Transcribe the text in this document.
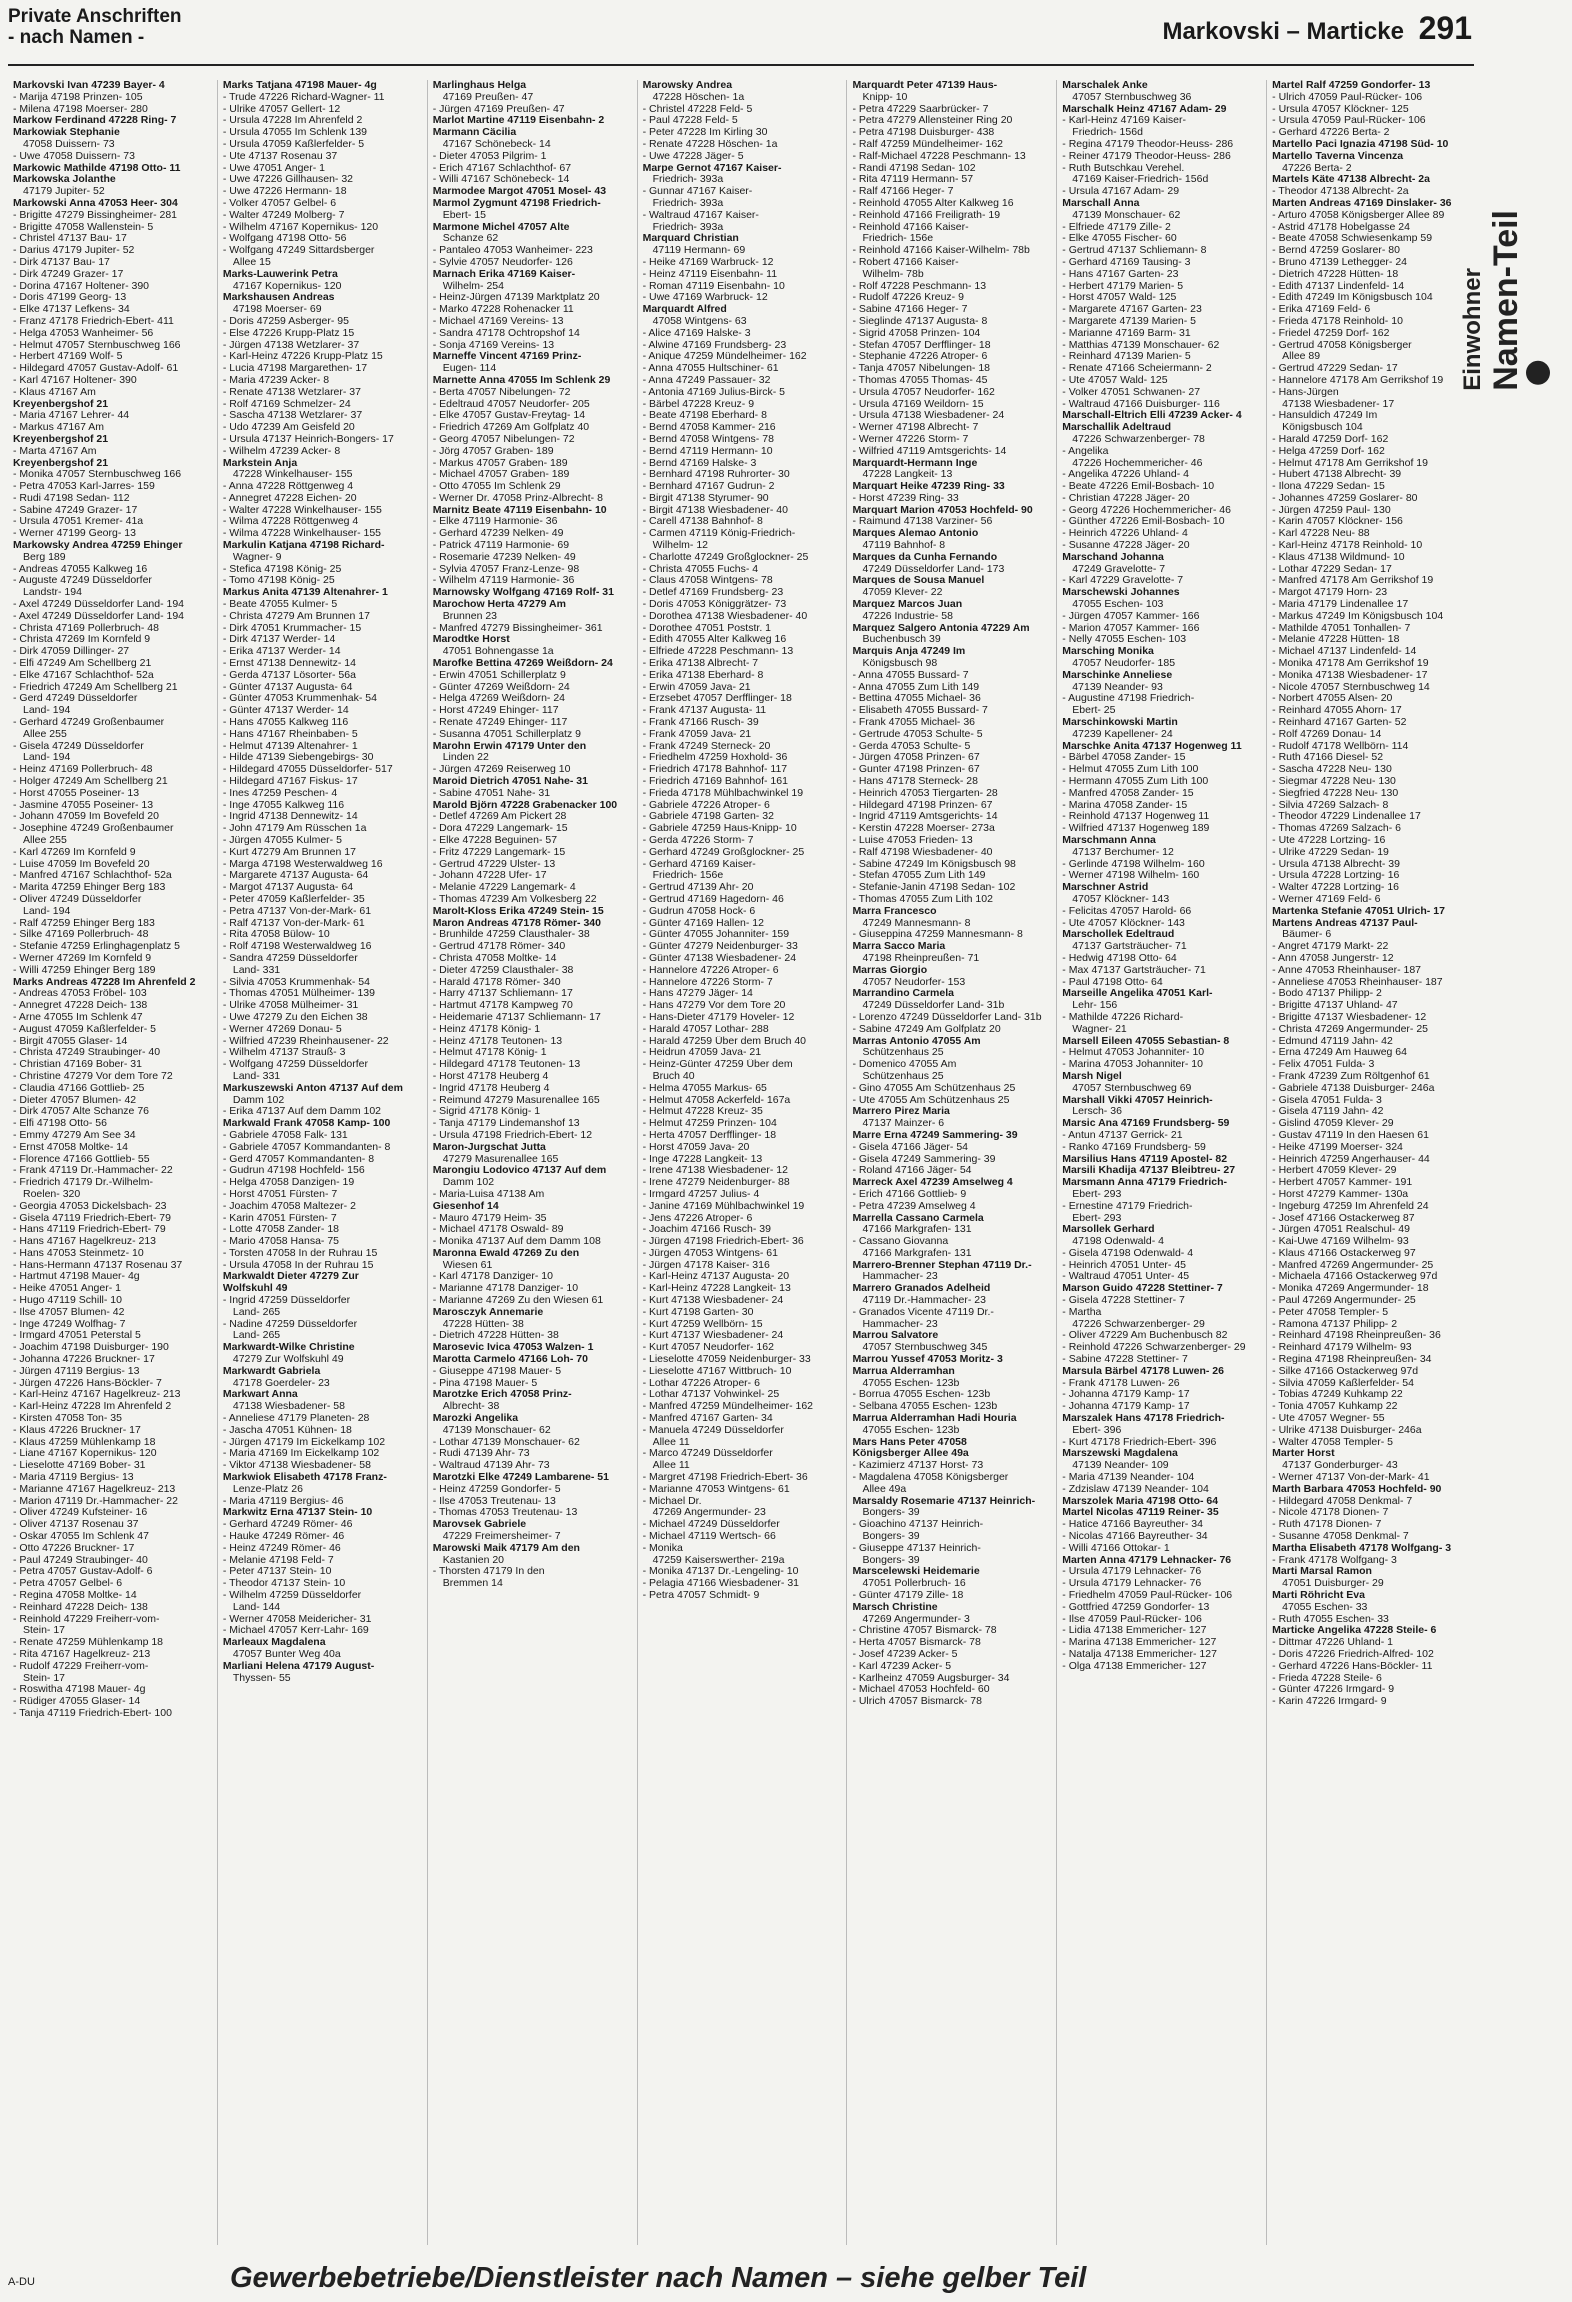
Private Anschriften
- nach Namen -	Markovski – Marticke 291
Einwohner Namen-Teil
Markovski Ivan 47239 Bayer- 4
- Marija 47198 Prinzen- 105
- Milena 47198 Moerser- 280
Markow Ferdinand 47228 Ring- 7
Markowiak Stephanie
47058 Duissern- 73
- Uwe 47058 Duissern- 73
Markowic Mathilde 47198 Otto- 11
Markowska Jolanthe
47179 Jupiter- 52
Markowski Anna 47053 Heer- 304
- Brigitte 47279 Bissingheimer- 281
- Brigitte 47058 Wallenstein- 5
- Christel 47137 Bau- 17
- Darius 47179 Jupiter- 52
- Dirk 47137 Bau- 17
- Dirk 47249 Grazer- 17
- Dorina 47167 Holtener- 390
- Doris 47199 Georg- 13
- Elke 47137 Lefkens- 34
- Franz 47178 Friedrich-Ebert- 411
- Helga 47053 Wanheimer- 56
- Helmut 47057 Sternbuschweg 166
- Herbert 47169 Wolf- 5
- Hildegard 47057 Gustav-Adolf- 61
- Karl 47167 Holtener- 390
- Klaus 47167 Am
Kreyenbergshof 21
- Maria 47167 Lehrer- 44
- Markus 47167 Am
Kreyenbergshof 21
- Marta 47167 Am
Kreyenbergshof 21
- Monika 47057 Sternbuschweg 166
- Petra 47053 Karl-Jarres- 159
- Rudi 47198 Sedan- 112
- Sabine 47249 Grazer- 17
- Ursula 47051 Kremer- 41a
- Werner 47199 Georg- 13
Markowsky Andrea 47259 Ehinger
Berg 189
- Andreas 47055 Kalkweg 16
- Auguste 47249 Düsseldorfer
Landstr- 194
- Axel 47249 Düsseldorfer Land- 194
- Axel 47249 Düsseldorfer Land- 194
- Christa 47169 Pollerbruch- 48
- Christa 47269 Im Kornfeld 9
- Dirk 47059 Dillinger- 27
- Elfi 47249 Am Schellberg 21
- Elke 47167 Schlachthof- 52a
- Friedrich 47249 Am Schellberg 21
- Gerd 47249 Düsseldorfer
Land- 194
- Gerhard 47249 Großenbaumer
Allee 255
- Gisela 47249 Düsseldorfer
Land- 194
- Heinz 47169 Pollerbruch- 48
- Holger 47249 Am Schellberg 21
- Horst 47055 Poseiner- 13
- Jasmine 47055 Poseiner- 13
- Johann 47059 Im Bovefeld 20
- Josephine 47249 Großenbaumer
Allee 255
- Karl 47269 Im Kornfeld 9
- Luise 47059 Im Bovefeld 20
- Manfred 47167 Schlachthof- 52a
- Marita 47259 Ehinger Berg 183
- Oliver 47249 Düsseldorfer
Land- 194
- Ralf 47259 Ehinger Berg 183
- Silke 47169 Pollerbruch- 48
- Stefanie 47259 Erlinghagenplatz 5
- Werner 47269 Im Kornfeld 9
- Willi 47259 Ehinger Berg 189
Marks Andreas 47228 Im Ahrenfeld 2
- Andreas 47053 Fröbel- 103
- Annegret 47228 Deich- 138
- Arne 47055 Im Schlenk 47
- August 47059 Kaßlerfelder- 5
- Birgit 47055 Glaser- 14
- Christa 47249 Straubinger- 40
- Christian 47169 Bober- 31
- Christine 47279 Vor dem Tore 72
- Claudia 47166 Gottlieb- 25
- Dieter 47057 Blumen- 42
- Dirk 47057 Alte Schanze 76
- Elfi 47198 Otto- 56
- Emmy 47279 Am See 34
- Ernst 47058 Moltke- 14
- Florence 47166 Gottlieb- 55
- Frank 47119 Dr.-Hammacher- 22
- Friedrich 47179 Dr.-Wilhelm-
Roelen- 320
- Georgia 47053 Dickelsbach- 23
- Gisela 47119 Friedrich-Ebert- 79
- Hans 47119 Friedrich-Ebert- 79
- Hans 47167 Hagelkreuz- 213
- Hans 47053 Steinmetz- 10
- Hans-Hermann 47137 Rosenau 37
- Hartmut 47198 Mauer- 4g
- Heike 47051 Anger- 1
- Hugo 47119 Schill- 10
- Ilse 47057 Blumen- 42
- Inge 47249 Wolfhag- 7
- Irmgard 47051 Peterstal 5
- Joachim 47198 Duisburger- 190
- Johanna 47226 Bruckner- 17
- Jürgen 47119 Bergius- 13
- Jürgen 47226 Hans-Böckler- 7
- Karl-Heinz 47167 Hagelkreuz- 213
- Karl-Heinz 47228 Im Ahrenfeld 2
- Kirsten 47058 Ton- 35
- Klaus 47226 Bruckner- 17
- Klaus 47259 Mühlenkamp 18
- Liane 47167 Kopernikus- 120
- Lieselotte 47169 Bober- 31
- Maria 47119 Bergius- 13
- Marianne 47167 Hagelkreuz- 213
- Marion 47119 Dr.-Hammacher- 22
- Oliver 47249 Kufsteiner- 16
- Oliver 47137 Rosenau 37
- Oskar 47055 Im Schlenk 47
- Otto 47226 Bruckner- 17
- Paul 47249 Straubinger- 40
- Petra 47057 Gustav-Adolf- 6
- Petra 47057 Gelbel- 6
- Regina 47058 Moltke- 14
- Reinhard 47228 Deich- 138
- Reinhold 47229 Freiherr-vom-
Stein- 17
- Renate 47259 Mühlenkamp 18
- Rita 47167 Hagelkreuz- 213
- Rudolf 47229 Freiherr-vom-
Stein- 17
- Roswitha 47198 Mauer- 4g
- Rüdiger 47055 Glaser- 14
- Tanja 47119 Friedrich-Ebert- 100
Marks Tatjana 47198 Mauer- 4g
- Trude 47226 Richard-Wagner- 11
- Ulrike 47057 Gellert- 12
- Ursula 47228 Im Ahrenfeld 2
- Ursula 47055 Im Schlenk 139
- Ursula 47059 Kaßlerfelder- 5
- Ute 47137 Rosenau 37
- Uwe 47051 Anger- 1
- Uwe 47226 Gillhausen- 32
- Uwe 47226 Hermann- 18
- Volker 47057 Gelbel- 6
- Walter 47249 Molberg- 7
- Wilhelm 47167 Kopernikus- 120
- Wolfgang 47198 Otto- 56
- Wolfgang 47249 Sittardsberger
Allee 15
Marks-Lauwerink Petra
47167 Kopernikus- 120
Markshausen Andreas
47198 Moerser- 69
- Doris 47259 Asberger- 95
- Else 47226 Krupp-Platz 15
- Jürgen 47138 Wetzlarer- 37
- Karl-Heinz 47226 Krupp-Platz 15
- Lucia 47198 Margarethen- 17
- Maria 47239 Acker- 8
- Renate 47138 Wetzlarer- 37
- Rolf 47169 Schmelzer- 24
- Sascha 47138 Wetzlarer- 37
- Udo 47239 Am Geisfeld 20
- Ursula 47137 Heinrich-Bongers- 17
- Wilhelm 47239 Acker- 8
Markstein Anja
47228 Winkelhauser- 155
- Anna 47228 Röttgenweg 4
- Annegret 47228 Eichen- 20
- Walter 47228 Winkelhauser- 155
- Wilma 47228 Röttgenweg 4
- Wilma 47228 Winkelhauser- 155
Markulin Katjana 47198 Richard-
Wagner- 9
- Stefica 47198 König- 25
- Tomo 47198 König- 25
Markus Anita 47139 Altenahrer- 1
- Beate 47055 Kulmer- 5
- Christa 47279 Am Brunnen 17
- Dirk 47051 Krummacher- 15
- Dirk 47137 Werder- 14
- Erika 47137 Werder- 14
- Ernst 47138 Dennewitz- 14
- Gerda 47137 Lösorter- 56a
- Günter 47137 Augusta- 64
- Günter 47053 Krummenhak- 54
- Günter 47137 Werder- 14
- Hans 47055 Kalkweg 116
- Hans 47167 Rheinbaben- 5
- Helmut 47139 Altenahrer- 1
- Hilde 47139 Siebengebirgs- 30
- Hildegard 47055 Düsseldorfer- 517
- Hildegard 47167 Fiskus- 17
- Ines 47259 Peschen- 4
- Inge 47055 Kalkweg 116
- Ingrid 47138 Dennewitz- 14
- John 47179 Am Rüsschen 1a
- Jürgen 47055 Kulmer- 5
- Kurt 47279 Am Brunnen 17
- Marga 47198 Westerwaldweg 16
- Margarete 47137 Augusta- 64
- Margot 47137 Augusta- 64
- Peter 47059 Kaßlerfelder- 35
- Petra 47137 Von-der-Mark- 61
- Ralf 47137 Von-der-Mark- 61
- Rita 47058 Bülow- 10
- Rolf 47198 Westerwaldweg 16
- Sandra 47259 Düsseldorfer
Land- 331
- Silvia 47053 Krummenhak- 54
- Thomas 47051 Mülheimer- 139
- Ulrike 47058 Mülheimer- 31
- Uwe 47279 Zu den Eichen 38
- Werner 47269 Donau- 5
- Wilfried 47239 Rheinhausener- 22
- Wilhelm 47137 Strauß- 3
- Wolfgang 47259 Düsseldorfer
Land- 331
Markuszewski Anton 47137 Auf dem
Damm 102
- Erika 47137 Auf dem Damm 102
Markwald Frank 47058 Kamp- 100
- Gabriele 47058 Falk- 131
- Gabriele 47057 Kommandanten- 8
- Gerd 47057 Kommandanten- 8
- Gudrun 47198 Hochfeld- 156
- Helga 47058 Danzigen- 19
- Horst 47051 Fürsten- 7
- Joachim 47058 Maltezer- 2
- Karin 47051 Fürsten- 7
- Lotte 47058 Zander- 18
- Mario 47058 Hansa- 75
- Torsten 47058 In der Ruhrau 15
- Ursula 47058 In der Ruhrau 15
Markwaldt Dieter 47279 Zur
Wolfskuhl 49
- Ingrid 47259 Düsseldorfer
Land- 265
- Nadine 47259 Düsseldorfer
Land- 265
Markwardt-Wilke Christine
47279 Zur Wolfskuhl 49
Markwardt Gabriela
47178 Goerdeler- 23
Markwart Anna
47138 Wiesbadener- 58
- Anneliese 47179 Planeten- 28
- Jascha 47051 Kühnen- 18
- Jürgen 47179 Im Eickelkamp 102
- Maria 47169 Im Eickelkamp 102
- Viktor 47138 Wiesbadener- 58
Markwiok Elisabeth 47178 Franz-
Lenze-Platz 26
- Maria 47119 Bergius- 46
Markwitz Erna 47137 Stein- 10
- Gerhard 47249 Römer- 46
- Hauke 47249 Römer- 46
- Heinz 47249 Römer- 46
- Melanie 47198 Feld- 7
- Peter 47137 Stein- 10
- Theodor 47137 Stein- 10
- Wilhelm 47259 Düsseldorfer
Land- 144
- Werner 47058 Meidericher- 31
- Michael 47057 Kerr-Lahr- 169
Marleaux Magdalena
47057 Bunter Weg 40a
Marliani Helena 47179 August-
Thyssen- 55
Marlinghaus Helga
47169 Preußen- 47
- Jürgen 47169 Preußen- 47
Marlot Martine 47119 Eisenbahn- 2
Marmann Cäcilia
47167 Schönebeck- 14
- Dieter 47053 Pilgrim- 1
- Erich 47167 Schlachthof- 67
- Willi 47167 Schönebeck- 14
Marmodee Margot 47051 Mosel- 43
Marmol Zygmunt 47198 Friedrich-
Ebert- 15
Marmone Michel 47057 Alte
Schanze 62
- Pantaleo 47053 Wanheimer- 223
- Sylvie 47057 Neudorfer- 126
Marnach Erika 47169 Kaiser-
Wilhelm- 254
- Heinz-Jürgen 47139 Marktplatz 20
- Marko 47228 Rohenacker 11
- Michael 47169 Vereins- 13
- Sandra 47178 Ochtropshof 14
- Sonja 47169 Vereins- 13
Marneffe Vincent 47169 Prinz-
Eugen- 114
Marnette Anna 47055 Im Schlenk 29
- Berta 47057 Nibelungen- 72
- Edeltraud 47057 Neudorfer- 205
- Elke 47057 Gustav-Freytag- 14
- Friedrich 47269 Am Golfplatz 40
- Georg 47057 Nibelungen- 72
- Jörg 47057 Graben- 189
- Markus 47057 Graben- 189
- Michael 47057 Graben- 189
- Otto 47055 Im Schlenk 29
- Werner Dr. 47058 Prinz-Albrecht- 8
Marnitz Beate 47119 Eisenbahn- 10
- Elke 47119 Harmonie- 36
- Gerhard 47239 Nelken- 49
- Patrick 47119 Harmonie- 69
- Rosemarie 47239 Nelken- 49
- Sylvia 47057 Franz-Lenze- 98
- Wilhelm 47119 Harmonie- 36
Marnowsky Wolfgang 47169 Rolf- 31
Marochow Herta 47279 Am
Brunnen 23
- Manfred 47279 Bissingheimer- 361
Marodtke Horst
47051 Bohnengasse 1a
Marofke Bettina 47269 Weißdorn- 24
- Erwin 47051 Schillerplatz 9
- Günter 47269 Weißdorn- 24
- Helga 47269 Weißdorn- 24
- Horst 47249 Ehinger- 117
- Renate 47249 Ehinger- 117
- Susanna 47051 Schillerplatz 9
Marohn Erwin 47179 Unter den
Linden 22
- Jürgen 47269 Reiserweg 10
Maroid Dietrich 47051 Nahe- 31
- Sabine 47051 Nahe- 31
Marold Björn 47228 Grabenacker 100
- Detlef 47269 Am Pickert 28
- Dora 47229 Langemark- 15
- Elke 47228 Beguinen- 57
- Fritz 47229 Langemark- 15
- Gertrud 47229 Ulster- 13
- Johann 47228 Ufer- 17
- Melanie 47229 Langemark- 4
- Thomas 47239 Am Volkesberg 22
Marolt-Kloss Erika 47249 Stein- 15
Maron Andreas 47178 Römer- 340
- Brunhilde 47259 Clausthaler- 38
- Gertrud 47178 Römer- 340
- Christa 47058 Moltke- 14
- Dieter 47259 Clausthaler- 38
- Harald 47178 Römer- 340
- Harry 47137 Schliemann- 17
- Hartmut 47178 Kampweg 70
- Heidemarie 47137 Schliemann- 17
- Heinz 47178 König- 1
- Heinz 47178 Teutonen- 13
- Helmut 47178 König- 1
- Hildegard 47178 Teutonen- 13
- Horst 47178 Heuberg 4
- Ingrid 47178 Heuberg 4
- Reimund 47279 Masurenallee 165
- Sigrid 47178 König- 1
- Tanja 47179 Lindemanshof 13
- Ursula 47198 Friedrich-Ebert- 12
Maron-Jurgschat Jutta
47279 Masurenallee 165
Marongiu Lodovico 47137 Auf dem
Damm 102
- Maria-Luisa 47138 Am
Giesenhof 14
- Mauro 47179 Heim- 35
- Michael 47178 Oswald- 89
- Monika 47137 Auf dem Damm 108
Maronna Ewald 47269 Zu den
Wiesen 61
- Karl 47178 Danziger- 10
- Marianne 47178 Danziger- 10
- Marianne 47269 Zu den Wiesen 61
Marosczyk Annemarie
47228 Hütten- 38
- Dietrich 47228 Hütten- 38
Marosevic Ivica 47053 Walzen- 1
Marotta Carmelo 47166 Loh- 70
- Giuseppe 47198 Mauer- 5
- Pina 47198 Mauer- 5
Marotzke Erich 47058 Prinz-
Albrecht- 38
Marozki Angelika
47139 Monschauer- 62
- Lothar 47139 Monschauer- 62
- Rudi 47139 Ahr- 73
- Waltraud 47139 Ahr- 73
Marotzki Elke 47249 Lambarene- 51
- Heinz 47259 Gondorfer- 5
- Ilse 47053 Treutenau- 13
- Thomas 47053 Treutenau- 13
Marovsek Gabriele
47229 Freimersheimer- 7
Marowski Maik 47179 Am den
Kastanien 20
- Thorsten 47179 In den
Bremmen 14
Marowsky Andrea
47228 Höschen- 1a
- Christel 47228 Feld- 5
- Paul 47228 Feld- 5
- Peter 47228 Im Kirling 30
- Renate 47228 Höschen- 1a
- Uwe 47228 Jäger- 5
Marpe Gernot 47167 Kaiser-
Friedrich- 393a
- Gunnar 47167 Kaiser-
Friedrich- 393a
- Waltraud 47167 Kaiser-
Friedrich- 393a
Marquard Christian
47119 Hermann- 69
- Heike 47169 Warbruck- 12
- Heinz 47119 Eisenbahn- 11
- Roman 47119 Eisenbahn- 10
- Uwe 47169 Warbruck- 12
Marquardt Alfred
47058 Wintgens- 63
- Alice 47169 Halske- 3
- Alwine 47169 Frundsberg- 23
- Anique 47259 Mündelheimer- 162
- Anna 47055 Hultschiner- 61
- Anna 47249 Passauer- 32
- Antonia 47169 Julius-Birck- 5
- Bärbel 47228 Kreuz- 9
- Beate 47198 Eberhard- 8
- Bernd 47058 Kammer- 216
- Bernd 47058 Wintgens- 78
- Bernd 47119 Hermann- 10
- Bernd 47169 Halske- 3
- Bernhard 47198 Ruhrorter- 30
- Bernhard 47167 Gudrun- 2
- Birgit 47138 Styrumer- 90
- Birgit 47138 Wiesbadener- 40
- Carell 47138 Bahnhof- 8
- Carmen 47119 König-Friedrich-
Wilhelm- 12
- Charlotte 47249 Großglockner- 25
- Christa 47055 Fuchs- 4
- Claus 47058 Wintgens- 78
- Detlef 47169 Frundsberg- 23
- Doris 47053 Königgrätzer- 73
- Dorothea 47138 Wiesbadener- 40
- Dorothee 47051 Poststr. 1
- Edith 47055 Alter Kalkweg 16
- Elfriede 47228 Peschmann- 13
- Erika 47138 Albrecht- 7
- Erika 47138 Eberhard- 8
- Erwin 47059 Java- 21
- Erzsebet 47057 Derfflinger- 18
- Frank 47137 Augusta- 11
- Frank 47166 Rusch- 39
- Frank 47059 Java- 21
- Frank 47249 Sterneck- 20
- Friedhelm 47259 Hoxhold- 36
- Friedrich 47178 Bahnhof- 117
- Friedrich 47169 Bahnhof- 161
- Frieda 47178 Mühlbachwinkel 19
- Gabriele 47226 Atroper- 6
- Gabriele 47198 Garten- 32
- Gabriele 47259 Haus-Knipp- 10
- Gerda 47226 Storm- 7
- Gerhard 47249 Großglockner- 25
- Gerhard 47169 Kaiser-
Friedrich- 156e
- Gertrud 47139 Ahr- 20
- Gertrud 47169 Hagedorn- 46
- Gudrun 47058 Hock- 6
- Günter 47169 Hallen- 12
- Günter 47055 Johanniter- 159
- Günter 47279 Neidenburger- 33
- Günter 47138 Wiesbadener- 24
- Hannelore 47226 Atroper- 6
- Hannelore 47226 Storm- 7
- Hans 47279 Jäger- 14
- Hans 47279 Vor dem Tore 20
- Hans-Dieter 47179 Hoveler- 12
- Harald 47057 Lothar- 288
- Harald 47259 Über dem Bruch 40
- Heidrun 47059 Java- 21
- Heinz-Günter 47259 Über dem
Bruch 40
- Helma 47055 Markus- 65
- Helmut 47058 Ackerfeld- 167a
- Helmut 47228 Kreuz- 35
- Helmut 47259 Prinzen- 104
- Herta 47057 Derfflinger- 18
- Horst 47059 Java- 20
- Inge 47228 Langkeit- 13
- Irene 47138 Wiesbadener- 12
- Irene 47279 Neidenburger- 88
- Irmgard 47257 Julius- 4
- Janine 47169 Mühlbachwinkel 19
- Jens 47226 Atroper- 6
- Joachim 47166 Rusch- 39
- Jürgen 47198 Friedrich-Ebert- 36
- Jürgen 47053 Wintgens- 61
- Jürgen 47178 Kaiser- 316
- Karl-Heinz 47137 Augusta- 20
- Karl-Heinz 47228 Langkeit- 13
- Kurt 47138 Wiesbadener- 24
- Kurt 47198 Garten- 30
- Kurt 47259 Wellbörn- 15
- Kurt 47137 Wiesbadener- 24
- Kurt 47057 Neudorfer- 162
- Lieselotte 47059 Neidenburger- 33
- Lieselotte 47167 Wittbruch- 10
- Lothar 47226 Atroper- 6
- Lothar 47137 Vohwinkel- 25
- Manfred 47259 Mündelheimer- 162
- Manfred 47167 Garten- 34
- Manuela 47249 Düsseldorfer
Allee 11
- Marco 47249 Düsseldorfer
Allee 11
- Margret 47198 Friedrich-Ebert- 36
- Marianne 47053 Wintgens- 61
- Michael Dr.
47269 Angermunder- 23
- Michael 47249 Düsseldorfer
- Michael 47119 Wertsch- 66
- Monika
47259 Kaiserswerther- 219a
- Monika 47137 Dr.-Lengeling- 10
- Pelagia 47166 Wiesbadener- 31
- Petra 47057 Schmidt- 9
Marquardt Peter 47139 Haus-
Knipp- 10
- Petra 47229 Saarbrücker- 7
- Petra 47279 Allensteiner Ring 20
- Petra 47198 Duisburger- 438
- Ralf 47259 Mündelheimer- 162
- Ralf-Michael 47228 Peschmann- 13
- Randi 47198 Sedan- 102
- Rita 47119 Hermann- 57
- Ralf 47166 Heger- 7
- Reinhold 47055 Alter Kalkweg 16
- Reinhold 47166 Freiligrath- 19
- Reinhold 47166 Kaiser-
Friedrich- 156e
- Reinhold 47166 Kaiser-Wilhelm- 78b
- Robert 47166 Kaiser-
Wilhelm- 78b
- Rolf 47228 Peschmann- 13
- Rudolf 47226 Kreuz- 9
- Sabine 47166 Heger- 7
- Sieglinde 47137 Augusta- 8
- Sigrid 47058 Prinzen- 104
- Stefan 47057 Derfflinger- 18
- Stephanie 47226 Atroper- 6
- Tanja 47057 Nibelungen- 18
- Thomas 47055 Thomas- 45
- Ursula 47057 Neudorfer- 162
- Ursula 47169 Weildorn- 15
- Ursula 47138 Wiesbadener- 24
- Werner 47198 Albrecht- 7
- Werner 47226 Storm- 7
- Wilfried 47119 Amtsgerichts- 14
Marquardt-Hermann Inge
47228 Langkeit- 13
Marquart Heike 47239 Ring- 33
- Horst 47239 Ring- 33
Marquart Marion 47053 Hochfeld- 90
- Raimund 47138 Varziner- 56
Marques Alemao Antonio
47119 Bahnhof- 8
Marques da Cunha Fernando
47249 Düsseldorfer Land- 173
Marques de Sousa Manuel
47059 Klever- 22
Marquez Marcos Juan
47226 Industrie- 58
Marquez Salgero Antonia 47229 Am
Buchenbusch 39
Marquis Anja 47249 Im
Königsbusch 98
- Anna 47055 Bussard- 7
- Anna 47055 Zum Lith 149
- Bettina 47055 Michael- 36
- Elisabeth 47055 Bussard- 7
- Frank 47055 Michael- 36
- Gertrude 47053 Schulte- 5
- Gerda 47053 Schulte- 5
- Jürgen 47058 Prinzen- 67
- Gunter 47198 Prinzen- 67
- Hans 47178 Sterneck- 28
- Heinrich 47053 Tiergarten- 28
- Hildegard 47198 Prinzen- 67
- Ingrid 47119 Amtsgerichts- 14
- Kerstin 47228 Moerser- 273a
- Luise 47053 Frieden- 13
- Ralf 47198 Wiesbadener- 40
- Sabine 47249 Im Königsbusch 98
- Stefan 47055 Zum Lith 149
- Stefanie-Janin 47198 Sedan- 102
- Thomas 47055 Zum Lith 102
Marra Francesco
47249 Mannesmann- 8
- Giuseppina 47259 Mannesmann- 8
Marra Sacco Maria
47198 Rheinpreußen- 71
Marras Giorgio
47057 Neudorfer- 153
Marrandino Carmela
47249 Düsseldorfer Land- 31b
- Lorenzo 47249 Düsseldorfer Land- 31b
- Sabine 47249 Am Golfplatz 20
Marras Antonio 47055 Am
Schützenhaus 25
- Domenico 47055 Am
Schützenhaus 25
- Gino 47055 Am Schützenhaus 25
- Ute 47055 Am Schützenhaus 25
Marrero Pirez Maria
47137 Mainzer- 6
Marre Erna 47249 Sammering- 39
- Gisela 47166 Jäger- 54
- Gisela 47249 Sammering- 39
- Roland 47166 Jäger- 54
Marreck Axel 47239 Amselweg 4
- Erich 47166 Gottlieb- 9
- Petra 47239 Amselweg 4
Marrella Cassano Carmela
47166 Markgrafen- 131
- Cassano Giovanna
47166 Markgrafen- 131
Marrero-Brenner Stephan 47119 Dr.-
Hammacher- 23
Marrero Granados Adelheid
47119 Dr.-Hammacher- 23
- Granados Vicente 47119 Dr.-
Hammacher- 23
Marrou Salvatore
47057 Sternbuschweg 345
Marrou Yussef 47053 Moritz- 3
Marrua Alderramhan
47055 Eschen- 123b
- Borrua 47055 Eschen- 123b
- Selbana 47055 Eschen- 123b
Marrua Alderramhan Hadi Houria
47055 Eschen- 123b
Mars Hans Peter 47058
Königsberger Allee 49a
- Kazimierz 47137 Horst- 73
- Magdalena 47058 Königsberger
Allee 49a
Marsaldy Rosemarie 47137 Heinrich-
Bongers- 39
- Gioachino 47137 Heinrich-
Bongers- 39
- Giuseppe 47137 Heinrich-
Bongers- 39
Marscelewski Heidemarie
47051 Pollerbruch- 16
- Günter 47179 Zille- 18
Marsch Christine
47269 Angermunder- 3
- Christine 47057 Bismarck- 78
- Herta 47057 Bismarck- 78
- Josef 47239 Acker- 5
- Karl 47239 Acker- 5
- Karlheinz 47059 Augsburger- 34
- Michael 47053 Hochfeld- 60
- Ulrich 47057 Bismarck- 78
Marschalek Anke
47057 Sternbuschweg 36
Marschalk Heinz 47167 Adam- 29
- Karl-Heinz 47169 Kaiser-
Friedrich- 156d
- Regina 47179 Theodor-Heuss- 286
- Reiner 47179 Theodor-Heuss- 286
- Ruth Butschkau Verehel.
47169 Kaiser-Friedrich- 156d
- Ursula 47167 Adam- 29
Marschall Anna
47139 Monschauer- 62
- Elfriede 47179 Zille- 2
- Elke 47055 Fischer- 60
- Gertrud 47137 Schliemann- 8
- Gerhard 47169 Tausing- 3
- Hans 47167 Garten- 23
- Herbert 47179 Marien- 5
- Horst 47057 Wald- 125
- Margarete 47167 Garten- 23
- Margarete 47139 Marien- 5
- Marianne 47169 Barm- 31
- Matthias 47139 Monschauer- 62
- Reinhard 47139 Marien- 5
- Renate 47166 Scheiermann- 2
- Ute 47057 Wald- 125
- Volker 47051 Schwanen- 27
- Waltraud 47166 Duisburger- 116
Marschall-Eltrich Elli 47239 Acker- 4
Marschallik Adeltraud
47226 Schwarzenberger- 78
- Angelika
47226 Hochemmericher- 46
- Angelika 47226 Uhland- 4
- Beate 47226 Emil-Bosbach- 10
- Christian 47228 Jäger- 20
- Georg 47226 Hochemmericher- 46
- Günther 47226 Emil-Bosbach- 10
- Heinrich 47226 Uhland- 4
- Susanne 47228 Jäger- 20
Marschand Johanna
47249 Gravelotte- 7
- Karl 47229 Gravelotte- 7
Marschewski Johannes
47055 Eschen- 103
- Jürgen 47057 Kammer- 166
- Marion 47057 Kammer- 166
- Nelly 47055 Eschen- 103
Marsching Monika
47057 Neudorfer- 185
Marschinke Anneliese
47139 Neander- 93
- Augustine 47198 Friedrich-
Ebert- 25
Marschinkowski Martin
47239 Kapellener- 24
Marschke Anita 47137 Hogenweg 11
- Bärbel 47058 Zander- 15
- Helmut 47055 Zum Lith 100
- Hermann 47055 Zum Lith 100
- Manfred 47058 Zander- 15
- Marina 47058 Zander- 15
- Reinhold 47137 Hogenweg 11
- Wilfried 47137 Hogenweg 189
Marschmann Anna
47137 Berchumer- 12
- Gerlinde 47198 Wilhelm- 160
- Werner 47198 Wilhelm- 160
Marschner Astrid
47057 Klöckner- 143
- Felicitas 47057 Harold- 66
- Ute 47057 Klöckner- 143
Marschollek Edeltraud
47137 Gartsträucher- 71
- Hedwig 47198 Otto- 64
- Max 47137 Gartsträucher- 71
- Paul 47198 Otto- 64
Marseille Angelika 47051 Karl-
Lehr- 156
- Mathilde 47226 Richard-
Wagner- 21
Marsell Eileen 47055 Sebastian- 8
- Helmut 47053 Johanniter- 10
- Marina 47053 Johanniter- 10
Marsh Nigel
47057 Sternbuschweg 69
Marshall Vikki 47057 Heinrich-
Lersch- 36
Marsic Ana 47169 Frundsberg- 59
- Antun 47137 Gerrick- 21
- Ranko 47169 Frundsberg- 59
Marsilius Hans 47119 Apostel- 82
Marsili Khadija 47137 Bleibtreu- 27
Marsmann Anna 47179 Friedrich-
Ebert- 293
- Ernestine 47179 Friedrich-
Ebert- 293
Marsollek Gerhard
47198 Odenwald- 4
- Gisela 47198 Odenwald- 4
- Heinrich 47051 Unter- 45
- Waltraud 47051 Unter- 45
Marson Guido 47228 Stettiner- 7
- Gisela 47228 Stettiner- 7
- Martha
47226 Schwarzenberger- 29
- Oliver 47229 Am Buchenbusch 82
- Reinhold 47226 Schwarzenberger- 29
- Sabine 47228 Stettiner- 7
Marsula Bärbel 47178 Luwen- 26
- Frank 47178 Luwen- 26
- Johanna 47179 Kamp- 17
- Johanna 47179 Kamp- 17
Marszalek Hans 47178 Friedrich-
Ebert- 396
- Kurt 47178 Friedrich-Ebert- 396
Marszewski Magdalena
47139 Neander- 109
- Maria 47139 Neander- 104
- Zdzislaw 47139 Neander- 104
Marszolek Maria 47198 Otto- 64
Martel Nicolas 47119 Reiner- 35
- Hatice 47166 Bayreuther- 34
- Nicolas 47166 Bayreuther- 34
- Willi 47166 Ottokar- 1
Marten Anna 47179 Lehnacker- 76
- Ursula 47179 Lehnacker- 76
- Ursula 47179 Lehnacker- 76
- Friedhelm 47059 Paul-Rücker- 106
- Gottfried 47259 Gondorfer- 13
- Ilse 47059 Paul-Rücker- 106
- Lidia 47138 Emmericher- 127
- Marina 47138 Emmericher- 127
- Natalja 47138 Emmericher- 127
- Olga 47138 Emmericher- 127
Martel Ralf 47259 Gondorfer- 13
- Ulrich 47059 Paul-Rücker- 106
- Ursula 47057 Klöckner- 125
- Ursula 47059 Paul-Rücker- 106
- Gerhard 47226 Berta- 2
Martello Paci Ignazia 47198 Süd- 10
Martello Taverna Vincenza
47226 Berta- 2
Martels Käte 47138 Albrecht- 2a
- Theodor 47138 Albrecht- 2a
Marten Andreas 47169 Dinslaker- 36
- Arturo 47058 Königsberger Allee 89
- Astrid 47178 Hobelgasse 24
- Beate 47058 Schwiesenkamp 59
- Bernd 47259 Goslarer- 80
- Bruno 47139 Lethegger- 24
- Dietrich 47228 Hütten- 18
- Edith 47137 Lindenfeld- 14
- Edith 47249 Im Königsbusch 104
- Erika 47169 Feld- 6
- Frieda 47178 Reinhold- 10
- Friedel 47259 Dorf- 162
- Gertrud 47058 Königsberger
Allee 89
- Gertrud 47229 Sedan- 17
- Hannelore 47178 Am Gerrikshof 19
- Hans-Jürgen
47138 Wiesbadener- 17
- Hansuldich 47249 Im
Königsbusch 104
- Harald 47259 Dorf- 162
- Helga 47259 Dorf- 162
- Helmut 47178 Am Gerrikshof 19
- Hubert 47138 Albrecht- 39
- Ilona 47229 Sedan- 15
- Johannes 47259 Goslarer- 80
- Jürgen 47259 Paul- 130
- Karin 47057 Klöckner- 156
- Karl 47228 Neu- 88
- Karl-Heinz 47178 Reinhold- 10
- Klaus 47138 Wildmund- 10
- Lothar 47229 Sedan- 17
- Manfred 47178 Am Gerrikshof 19
- Margot 47179 Horn- 23
- Maria 47179 Lindenallee 17
- Markus 47249 Im Königsbusch 104
- Mathilde 47051 Tonhallen- 7
- Melanie 47228 Hütten- 18
- Michael 47137 Lindenfeld- 14
- Monika 47178 Am Gerrikshof 19
- Monika 47138 Wiesbadener- 17
- Nicole 47057 Sternbuschweg 14
- Norbert 47055 Alsen- 20
- Reinhard 47055 Ahorn- 17
- Reinhard 47167 Garten- 52
- Rolf 47269 Donau- 14
- Rudolf 47178 Wellbörn- 114
- Ruth 47166 Diesel- 52
- Sascha 47228 Neu- 130
- Siegmar 47228 Neu- 130
- Siegfried 47228 Neu- 130
- Silvia 47269 Salzach- 8
- Theodor 47229 Lindenallee 17
- Thomas 47269 Salzach- 6
- Ute 47228 Lortzing- 16
- Ulrike 47229 Sedan- 19
- Ursula 47138 Albrecht- 39
- Ursula 47228 Lortzing- 16
- Walter 47228 Lortzing- 16
- Werner 47169 Feld- 6
Martenka Stefanie 47051 Ulrich- 17
Martens Andreas 47137 Paul-
Bäumer- 6
- Angret 47179 Markt- 22
- Ann 47058 Jungerstr- 12
- Anne 47053 Rheinhauser- 187
- Anneliese 47053 Rheinhauser- 187
- Bodo 47137 Philipp- 2
- Brigitte 47137 Uhland- 47
- Brigitte 47137 Wiesbadener- 12
- Christa 47269 Angermunder- 25
- Edmund 47119 Jahn- 42
- Erna 47249 Am Hauweg 64
- Felix 47051 Fulda- 3
- Frank 47239 Zum Röltgenhof 61
- Gabriele 47138 Duisburger- 246a
- Gisela 47051 Fulda- 3
- Gisela 47119 Jahn- 42
- Gislind 47059 Klever- 29
- Gustav 47119 In den Haesen 61
- Heike 47199 Moerser- 324
- Heinrich 47259 Angerhauser- 44
- Herbert 47059 Klever- 29
- Herbert 47057 Kammer- 191
- Horst 47279 Kammer- 130a
- Ingeburg 47259 Im Ahrenfeld 24
- Josef 47166 Ostackerweg 87
- Jürgen 47051 Realschul- 49
- Kai-Uwe 47169 Wilhelm- 93
- Klaus 47166 Ostackerweg 97
- Manfred 47269 Angermunder- 25
- Michaela 47166 Ostackerweg 97d
- Monika 47269 Angermunder- 18
- Paul 47269 Angermunder- 25
- Peter 47058 Templer- 5
- Ramona 47137 Philipp- 2
- Reinhard 47198 Rheinpreußen- 36
- Reinhard 47179 Wilhelm- 93
- Regina 47198 Rheinpreußen- 34
- Silke 47166 Ostackerweg 97d
- Silvia 47059 Kaßlerfelder- 54
- Tobias 47249 Kuhkamp 22
- Tonia 47057 Kuhkamp 22
- Ute 47057 Wegner- 55
- Ulrike 47138 Duisburger- 246a
- Walter 47058 Templer- 5
Marter Horst
47137 Gonderburger- 43
- Werner 47137 Von-der-Mark- 41
Marth Barbara 47053 Hochfeld- 90
- Hildegard 47058 Denkmal- 7
- Nicole 47178 Dionen- 7
- Ruth 47178 Dionen- 7
- Susanne 47058 Denkmal- 7
Martha Elisabeth 47178 Wolfgang- 3
- Frank 47178 Wolfgang- 3
Marti Marsal Ramon
47051 Duisburger- 29
Marti Röhricht Eva
47055 Eschen- 33
- Ruth 47055 Eschen- 33
Marticke Angelika 47228 Steile- 6
- Dittmar 47226 Uhland- 1
- Doris 47226 Friedrich-Alfred- 102
- Gerhard 47226 Hans-Böckler- 11
- Frieda 47228 Steile- 6
- Günter 47226 Irmgard- 9
- Karin 47226 Irmgard- 9
Gewerbebetriebe/Dienstleister nach Namen – siehe gelber Teil
A-DU
